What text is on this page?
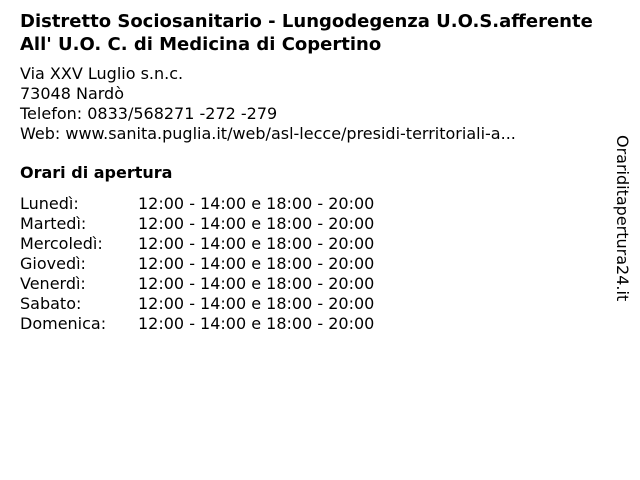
Distretto Sociosanitario - Lungodegenza U.O.S.afferente All' U.O. C. di Medicina di Copertino
Via XXV Luglio s.n.c.
73048 Nardò
Telefon: 0833/568271 -272 -279
Web: www.sanita.puglia.it/web/asl-lecce/presidi-territoriali-a...
Orari di apertura
Lunedì:	12:00 - 14:00 e 18:00 - 20:00
Martedì:	12:00 - 14:00 e 18:00 - 20:00
Mercoledì: 12:00 - 14:00 e 18:00 - 20:00
Giovedì:	12:00 - 14:00 e 18:00 - 20:00
Venerdì:	12:00 - 14:00 e 18:00 - 20:00
Sabato:	12:00 - 14:00 e 18:00 - 20:00
Domenica: 12:00 - 14:00 e 18:00 - 20:00
Orariditapertura24.it
